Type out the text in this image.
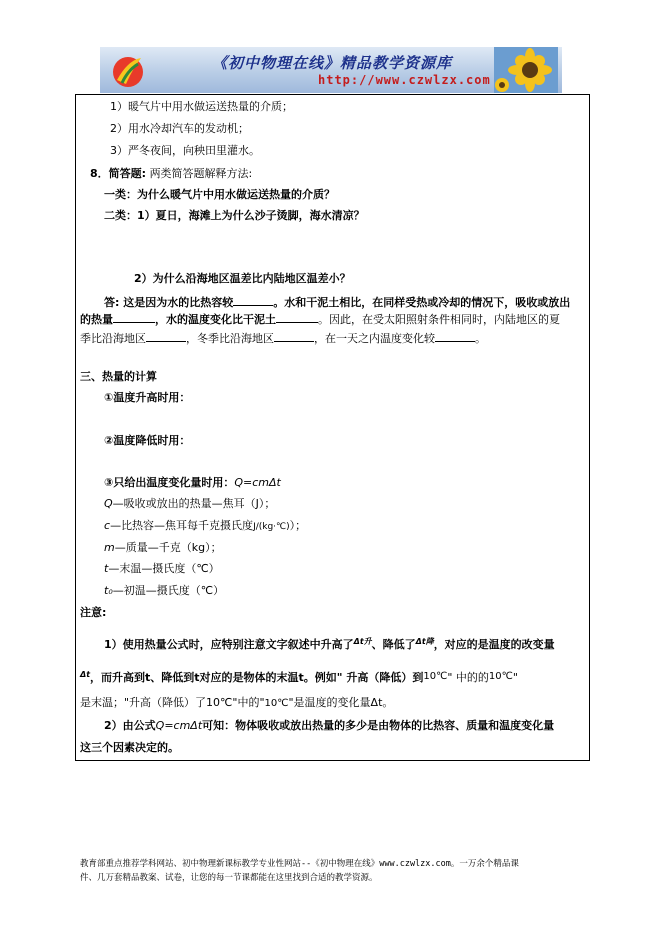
《初中物理在线》精品教学资源库
http://www.czwlzx.com
1）暖气片中用水做运送热量的介质；
2）用水冷却汽车的发动机；
3）严冬夜间，向秧田里灌水。
8．简答题: 两类简答题解释方法:
一类：为什么暖气片中用水做运送热量的介质？
二类：1）夏日，海滩上为什么沙子烫脚，海水清凉？
2）为什么沿海地区温差比内陆地区温差小？
答: 这是因为水的比热容较	。水和干泥土相比，在同样受热或冷却的情况下，吸收或放出
的热量	，水的温度变化比干泥土	。因此，在受太阳照射条件相同时，内陆地区的夏
季比沿海地区	，冬季比沿海地区	，在一天之内温度变化较	。
三、热量的计算
①温度升高时用：
②温度降低时用：
③只给出温度变化量时用：Q=cmΔt
Q—吸收或放出的热量—焦耳（J）；
c—比热容—焦耳每千克摄氏度J/(kg·℃)）；
m—质量—千克（kg）；
t—末温—摄氏度（℃）
t₀—初温—摄氏度（℃）
注意:
1）使用热量公式时，应特别注意文字叙述中升高了$^{\Delta t升}$、降低了$^{\Delta t降}$，对应的是温度的改变量
$^{\Delta t}$，而升高到t、降低到t对应的是物体的末温t。例如" 升高（降低）到10℃" 中的的10℃"
是末温；"升高（降低）了10℃"中的"10℃"是温度的变化量Δt。
2）由公式Q=cmΔt可知：物体吸收或放出热量的多少是由物体的比热容、质量和温度变化量
这三个因素决定的。
教育部重点推荐学科网站、初中物理新课标教学专业性网站--《初中物理在线》www.czwlzx.com。一万余个精品课
件、几万套精品教案、试卷，让您的每一节课都能在这里找到合适的教学资源。
